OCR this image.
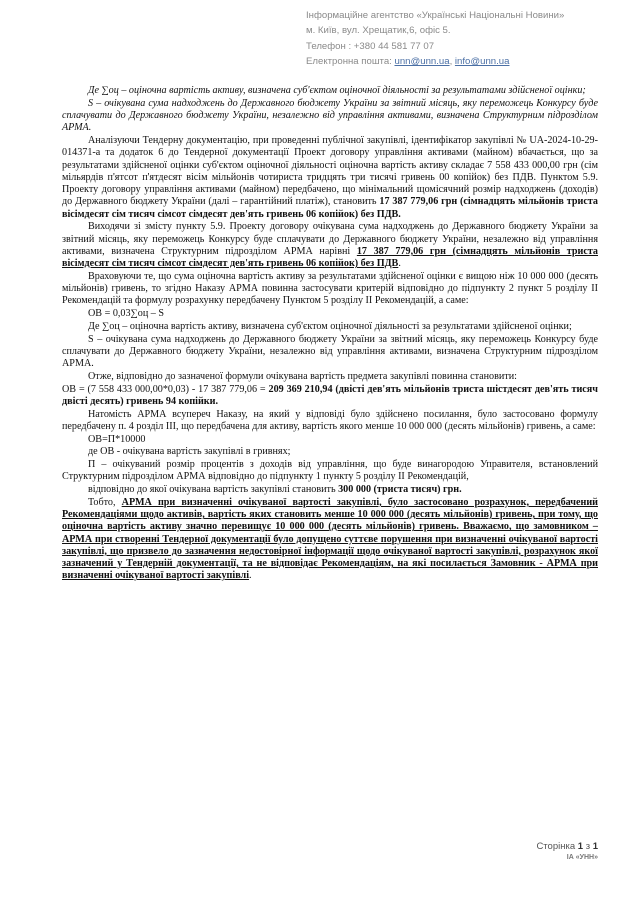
Інформаційне агентство «Українські Національні Новини»
м. Київ, вул. Хрещатик,6, офіс 5.
Телефон : +380 44 581 77 07
Електронна пошта: unn@unn.ua, info@unn.ua

Де ∑оц – оціночна вартість активу, визначена суб'єктом оціночної діяльності за результатами здійсненої оцінки;

S – очікувана сума надходжень до Державного бюджету України за звітний місяць, яку переможець Конкурсу буде сплачувати до Державного бюджету України, незалежно від управління активами, визначена Структурним підрозділом АРМА.

Аналізуючи Тендерну документацію, при проведенні публічної закупівлі, ідентифікатор закупівлі № UA-2024-10-29-014371-а та додаток 6 до Тендерної документації Проект договору управління активами (майном) вбачається, що за результатами здійсненої оцінки суб'єктом оціночної діяльності оціночна вартість активу складає 7 558 433 000,00 грн (сім мільярдів п'ятсот п'ятдесят вісім мільйонів чотириста тридцять три тисячі гривень 00 копійок) без ПДВ. Пунктом 5.9. Проекту договору управління активами (майном) передбачено, що мінімальний щомісячний розмір надходжень (доходів) до Державного бюджету України (далі – гарантійний платіж), становить 17 387 779,06 грн (сімнадцять мільйонів триста вісімдесят сім тисяч сімсот сімдесят дев'ять гривень 06 копійок) без ПДВ.

Виходячи зі змісту пункту 5.9. Проекту договору очікувана сума надходжень до Державного бюджету України за звітний місяць, яку переможець Конкурсу буде сплачувати до Державного бюджету України, незалежно від управління активами, визначена Структурним підрозділом АРМА нарівні 17 387 779,06 грн (сімнадцять мільйонів триста вісімдесят сім тисяч сімсот сімдесят дев'ять гривень 06 копійок) без ПДВ.

Враховуючи те, що сума оціночна вартість активу за результатами здійсненої оцінки є вищою ніж 10 000 000 (десять мільйонів) гривень, то згідно Наказу АРМА повинна застосувати критерій відповідно до підпункту 2 пункт 5 розділу ІІ Рекомендацій та формулу розрахунку передбачену Пунктом 5 розділу ІІ Рекомендацій, а саме:

ОВ = 0,03∑оц – S

Де ∑оц – оціночна вартість активу, визначена суб'єктом оціночної діяльності за результатами здійсненої оцінки;

S – очікувана сума надходжень до Державного бюджету України за звітний місяць, яку переможець Конкурсу буде сплачувати до Державного бюджету України, незалежно від управління активами, визначена Структурним підрозділом АРМА.

Отже, відповідно до зазначеної формули очікувана вартість предмета закупівлі повинна становити:

ОВ = (7 558 433 000,00*0,03) - 17 387 779,06 = 209 369 210,94 (двісті дев'ять мільйонів триста шістдесят дев'ять тисяч двісті десять) гривень 94 копійки.

Натомість АРМА всупереч Наказу, на який у відповіді було здійснено посилання, було застосовано формулу передбачену п. 4 розділ ІІІ, що передбачена для активу, вартість якого менше 10 000 000 (десять мільйонів) гривень, а саме:

ОВ=П*10000

де ОВ - очікувана вартість закупівлі в гривнях;

П – очікуваний розмір процентів з доходів від управління, що буде винагородою Управителя, встановлений Структурним підрозділом АРМА відповідно до підпункту 1 пункту 5 розділу ІІ Рекомендацій,

відповідно до якої очікувана вартість закупівлі становить 300 000 (триста тисяч) грн.

Тобто, АРМА при визначенні очікуваної вартості закупівлі, було застосовано розрахунок, передбачений Рекомендаціями щодо активів, вартість яких становить менше 10 000 000 (десять мільйонів) гривень, при тому, що оціночна вартість активу значно перевищує 10 000 000 (десять мільйонів) гривень. Вважаємо, що замовником – АРМА при створенні Тендерної документації було допущено суттєве порушення при визначенні очікуваної вартості закупівлі, що призвело до зазначення недостовірної інформації щодо очікуваної вартості закупівлі, розрахунок якої зазначений у Тендерній документації, та не відповідає Рекомендаціям, на які посилається Замовник - АРМА при визначенні очікуваної вартості закупівлі.

Сторінка 1 з 1
ІА «УНН»
